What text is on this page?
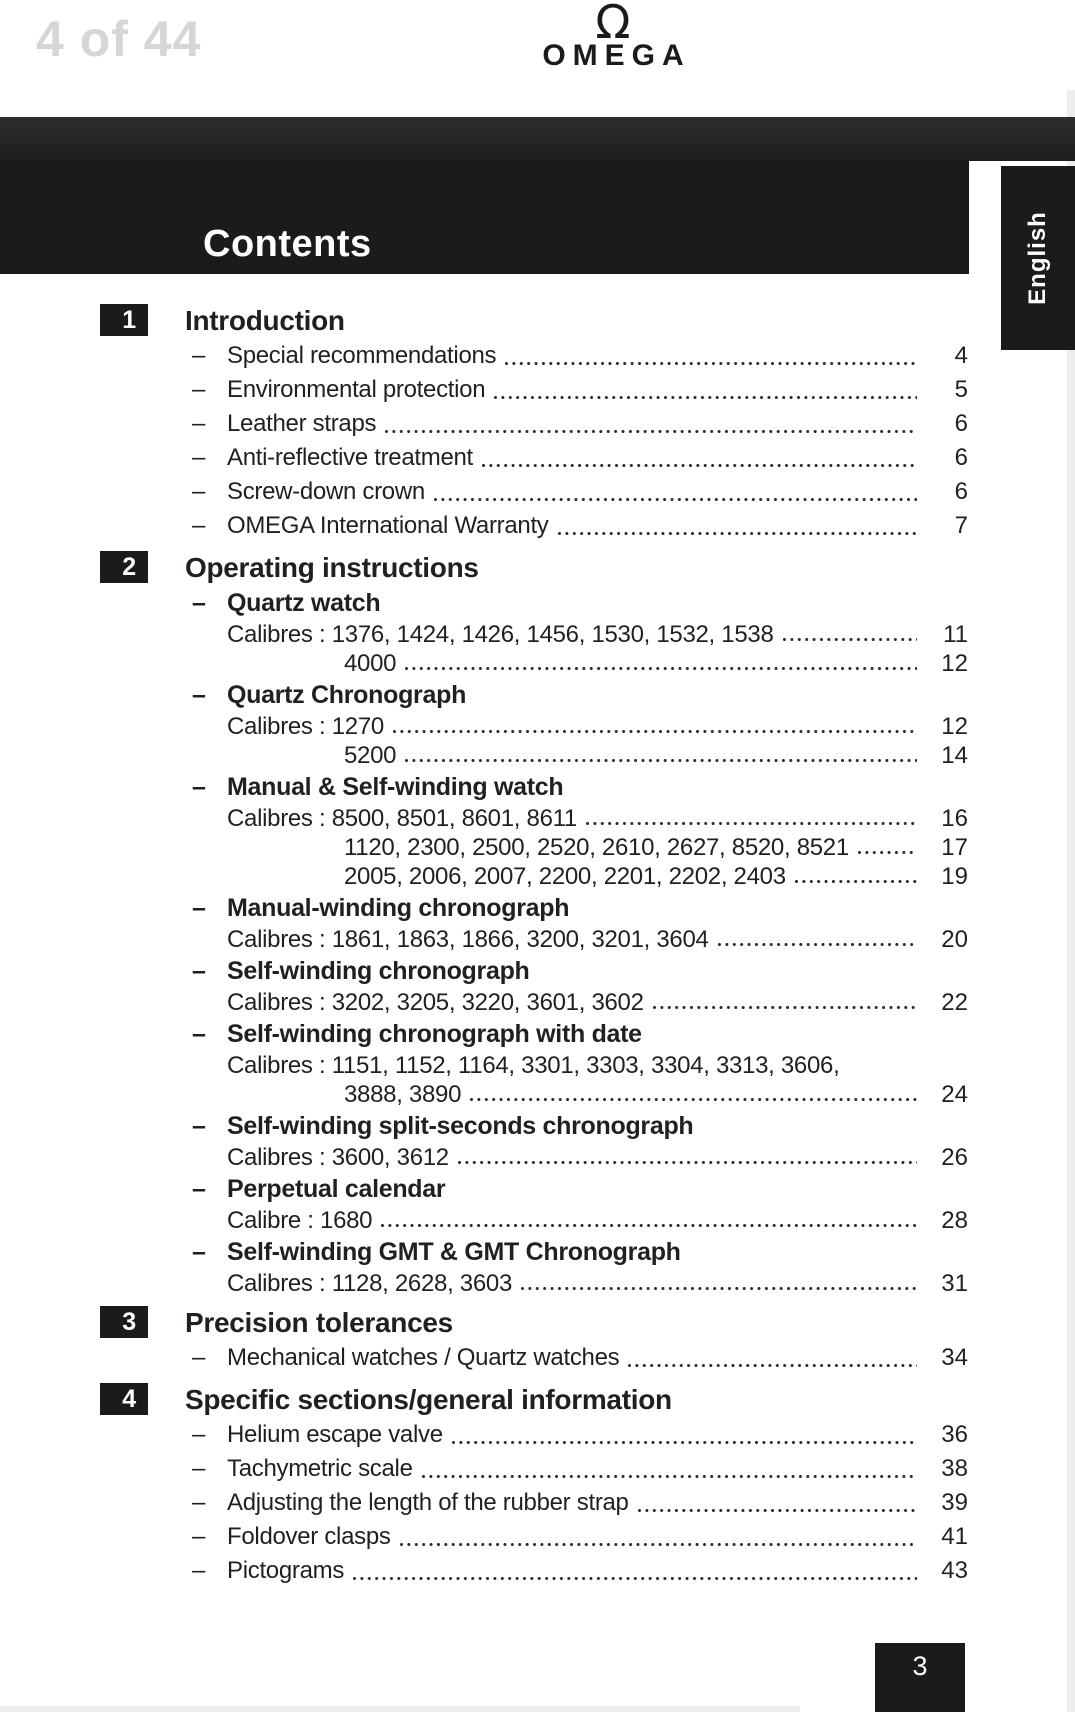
4 of 44	Ω
OMEGA
Contents	English
1	Introduction
– Special recommendations	4
– Environmental protection	5
– Leather straps	6
– Anti-reflective treatment	6
– Screw-down crown	6
– OMEGA International Warranty	7
2	Operating instructions
– Quartz watch
Calibres : 1376, 1424, 1426, 1456, 1530, 1532, 1538	11
4000	12
– Quartz Chronograph
Calibres : 1270	12
5200	14
– Manual & Self-winding watch
Calibres : 8500, 8501, 8601, 8611	16
1120, 2300, 2500, 2520, 2610, 2627, 8520, 8521	17
2005, 2006, 2007, 2200, 2201, 2202, 2403	19
– Manual-winding chronograph
Calibres : 1861, 1863, 1866, 3200, 3201, 3604	20
– Self-winding chronograph
Calibres : 3202, 3205, 3220, 3601, 3602	22
– Self-winding chronograph with date
Calibres : 1151, 1152, 1164, 3301, 3303, 3304, 3313, 3606,
3888, 3890	24
– Self-winding split-seconds chronograph
Calibres : 3600, 3612	26
– Perpetual calendar
Calibre : 1680	28
– Self-winding GMT & GMT Chronograph
Calibres : 1128, 2628, 3603	31
3	Precision tolerances
– Mechanical watches / Quartz watches	34
4	Specific sections/general information
– Helium escape valve	36
– Tachymetric scale	38
– Adjusting the length of the rubber strap	39
– Foldover clasps	41
– Pictograms	43
3
